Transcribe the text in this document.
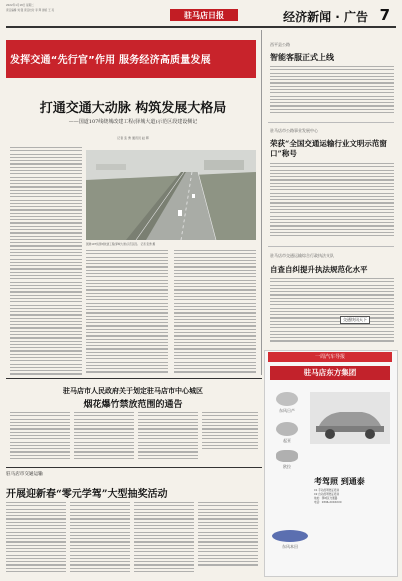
2022年1月18日 星期二
责任编辑 刘 强 责任校对 李 辉 排版 王 亮	驻马店日报	经济新闻 · 广告 7
发挥交通“先行官”作用 服务经济高质量发展
打通交通大动脉 构筑发展大格局
——国道107线绕城改建工程(驿城大道)示范区段建设侧记
记者 张 勇 通讯员 赵 辉
国道107线绕城改建工程(驿城大道)示范区段。 记者 张勇 摄
西平县公路
智能客服正式上线
驻马店市公路事业发展中心
荣获“全国交通运输行业文明示范窗口”称号
驻马店市交通运输综合行政执法支队
自查自纠提升执法规范化水平
交通快讯天下
驻马店市人民政府关于划定驻马店市中心城区
烟花爆竹禁放范围的通告
驻马店市交通运输
开展迎新春“零元学驾”大型抽奖活动
一周汽车导报
驻马店东方集团
东风日产
起亚
欧拉
考驾照 到通泰
C1 手动挡驾驶证培训
C2 自动挡驾驶证培训
地址：驿城区交通路
电话：0396-2XXXXXX
东风本田
